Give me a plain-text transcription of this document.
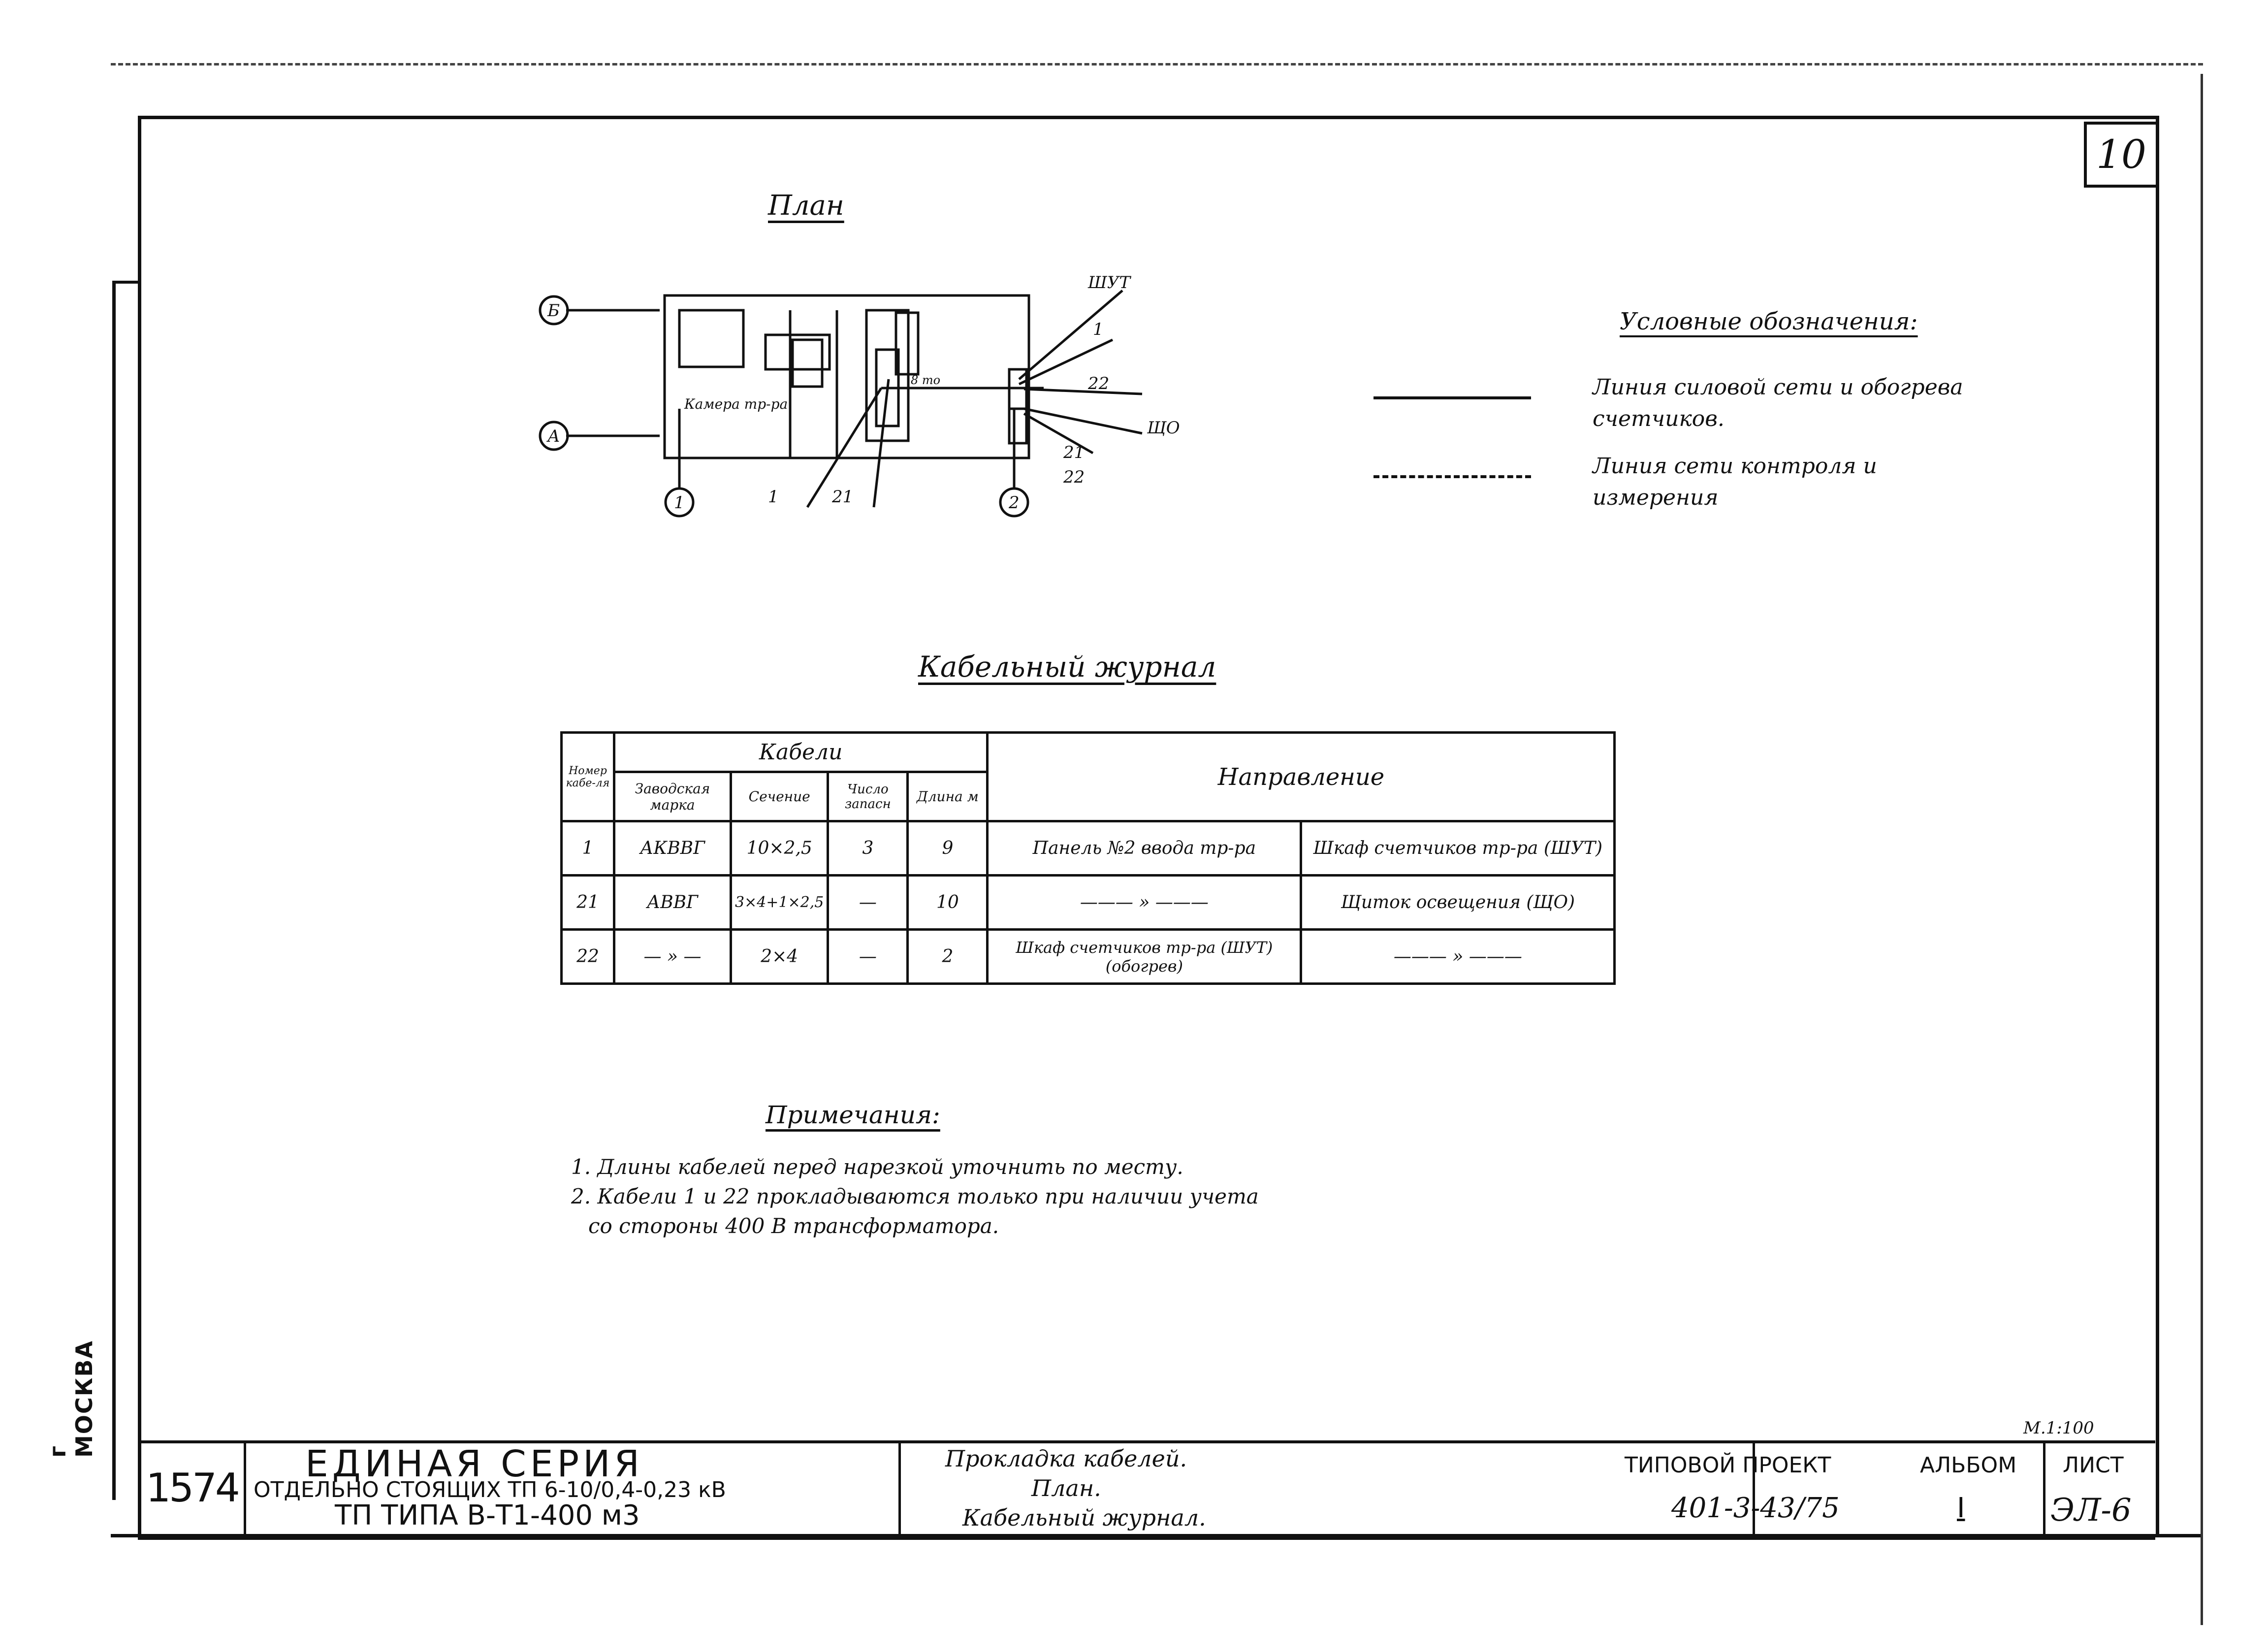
г МОСКВА
10
План
Б
А
1	2
Камера тр-ра
ШУТ
1
22
ЩО
21
22
1	21
8 то
Условные обозначения:
Линия силовой сети и обогрева счетчиков.
Линия сети контроля и измерения
Кабельный журнал
Номер кабе-ля	Кабели				Направление	
	Заводская марка	Сечение	Число запасн	Длина м		
1	АКВВГ	10×2,5	3	9	Панель №2 ввода тр-ра	Шкаф счетчиков тр-ра (ШУТ)
21	АВВГ	3×4+1×2,5	—	10	——— » ———	Щиток освещения (ЩО)
22	— » —	2×4	—	2	Шкаф счетчиков тр-ра (ШУТ) (обогрев)	——— » ———
Примечания:
1. Длины кабелей перед нарезкой уточнить по месту.
2. Кабели 1 и 22 прокладываются только при наличии учета
со стороны 400 В трансформатора.
М.1:100
1574
ЕДИНАЯ СЕРИЯ
ОТДЕЛЬНО СТОЯЩИХ ТП 6-10/0,4-0,23 кВ
ТП ТИПА В-Т1-400 м3
Прокладка кабелей.
План.
Кабельный журнал.
ТИПОВОЙ ПРОЕКТ
401-3-43/75
АЛЬБОМ
I
ЛИСТ
ЭЛ-6
